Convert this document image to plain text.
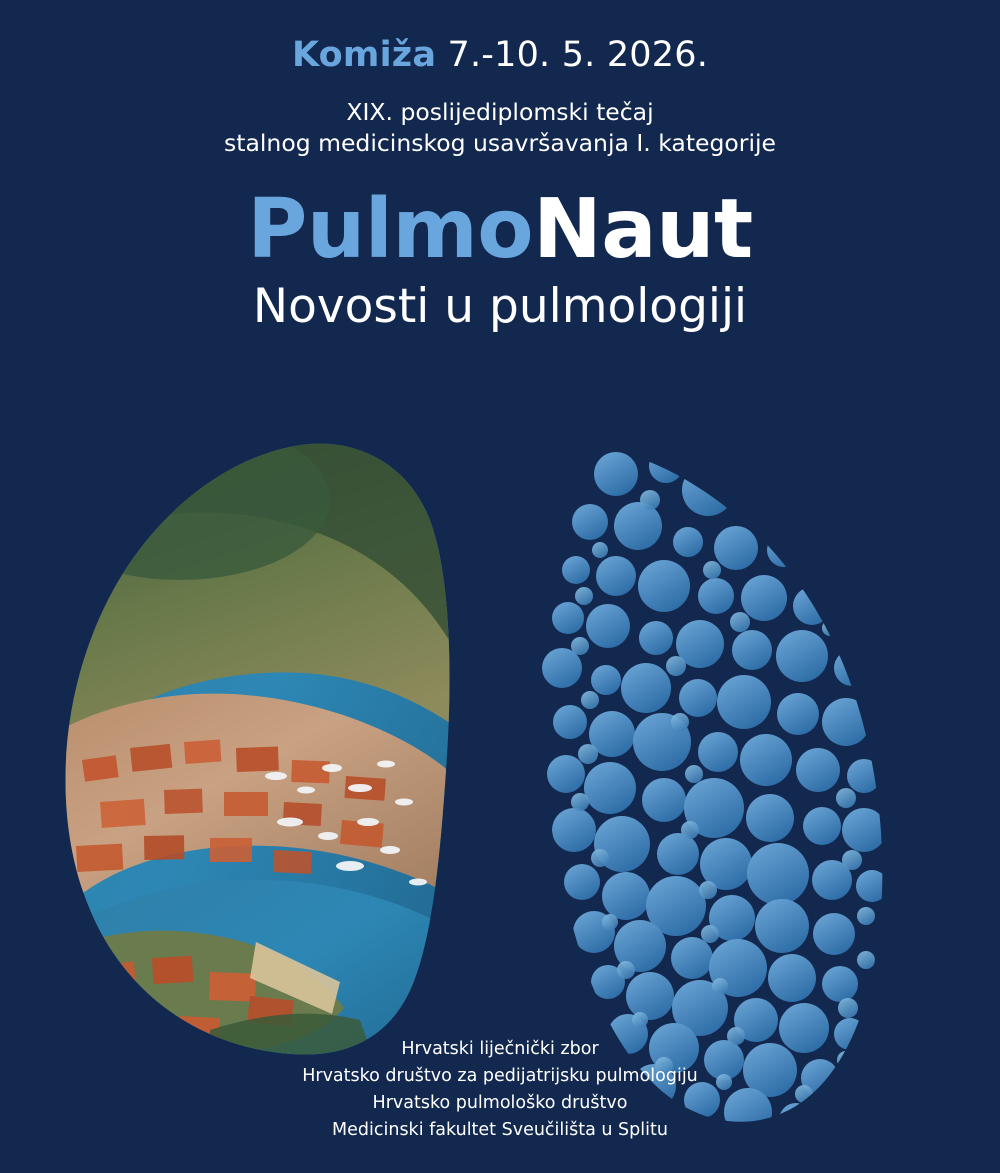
Komiža 7.-10. 5. 2026.
XIX. poslijediplomski tečaj
stalnog medicinskog usavršavanja I. kategorije
PulmoNaut
Novosti u pulmologiji
Hrvatski liječnički zbor
Hrvatsko društvo za pedijatrijsku pulmologiju
Hrvatsko pulmološko društvo
Medicinski fakultet Sveučilišta u Splitu
